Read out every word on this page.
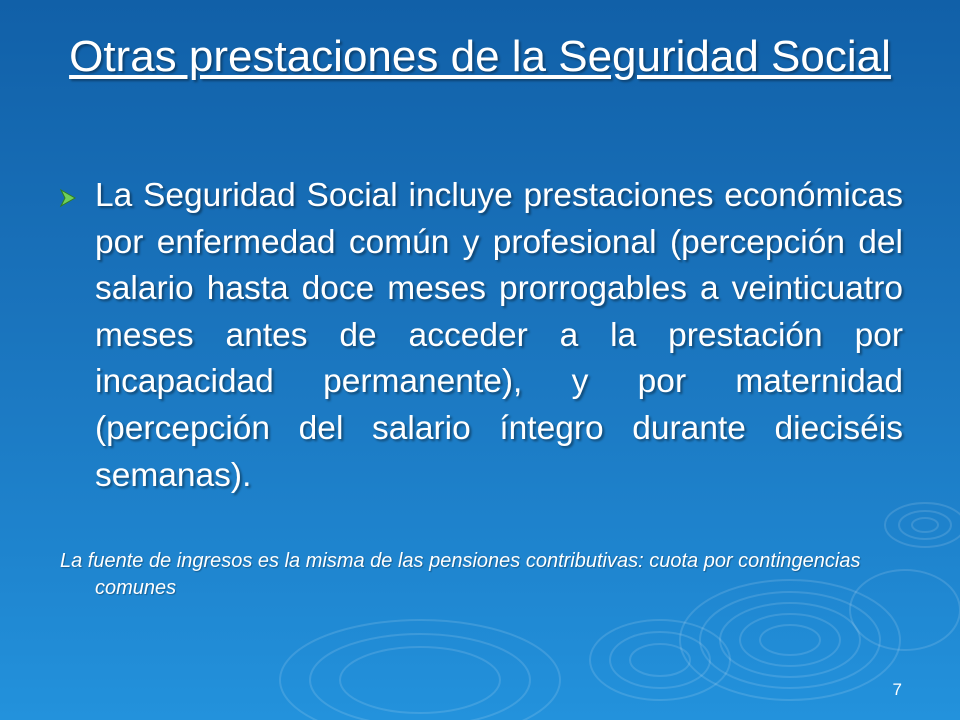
Otras prestaciones de la Seguridad Social
La Seguridad Social incluye prestaciones económicas por enfermedad común y profesional (percepción del salario hasta doce meses prorrogables a veinticuatro meses antes de acceder a la prestación por incapacidad permanente), y por maternidad (percepción del salario íntegro durante dieciséis semanas).
La fuente de ingresos es la misma de las pensiones contributivas: cuota por contingencias comunes
7
